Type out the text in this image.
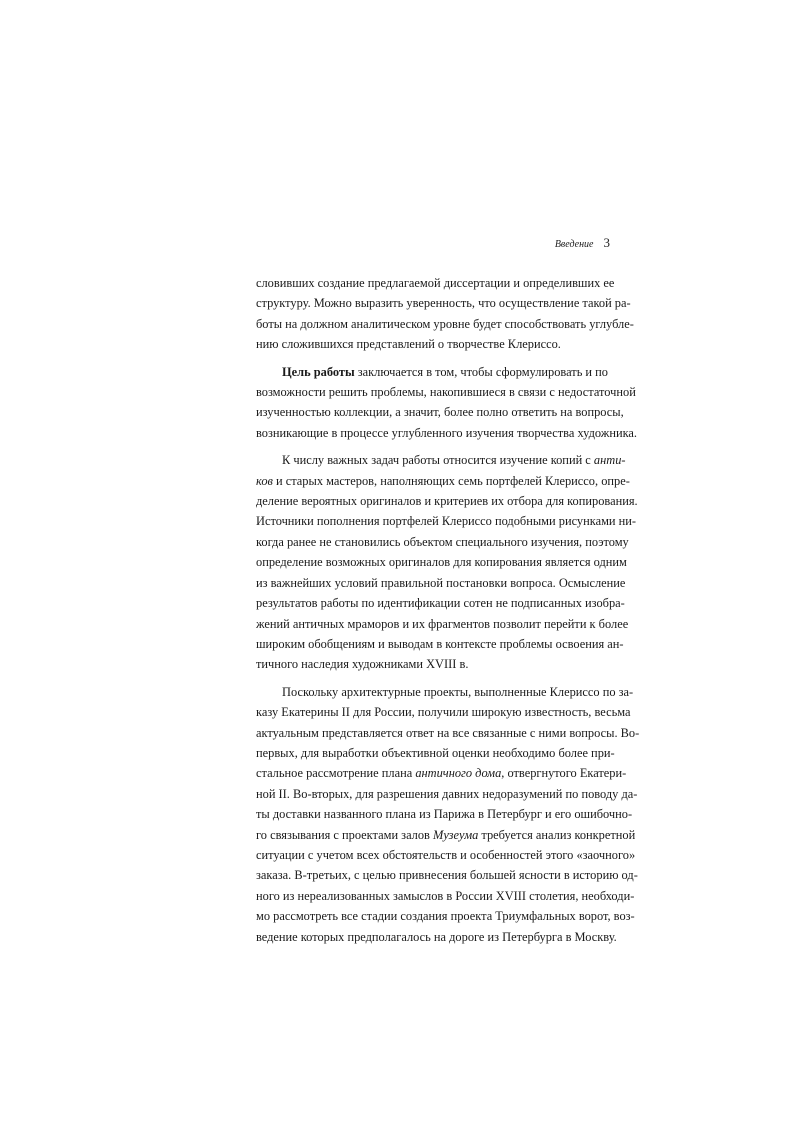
Введение 3

словивших создание предлагаемой диссертации и определивших ее
структуру. Можно выразить уверенность, что осуществление такой ра-
боты на должном аналитическом уровне будет способствовать углубле-
нию сложившихся представлений о творчестве Клериссо.

Цель работы заключается в том, чтобы сформулировать и по
возможности решить проблемы, накопившиеся в связи с недостаточной
изученностью коллекции, а значит, более полно ответить на вопросы,
возникающие в процессе углубленного изучения творчества художника.

К числу важных задач работы относится изучение копий с анти-
ков и старых мастеров, наполняющих семь портфелей Клериссо, опре-
деление вероятных оригиналов и критериев их отбора для копирования.
Источники пополнения портфелей Клериссо подобными рисунками ни-
когда ранее не становились объектом специального изучения, поэтому
определение возможных оригиналов для копирования является одним
из важнейших условий правильной постановки вопроса. Осмысление
результатов работы по идентификации сотен не подписанных изобра-
жений античных мраморов и их фрагментов позволит перейти к более
широким обобщениям и выводам в контексте проблемы освоения ан-
тичного наследия художниками XVIII в.

Поскольку архитектурные проекты, выполненные Клериссо по за-
казу Екатерины II для России, получили широкую известность, весьма
актуальным представляется ответ на все связанные с ними вопросы. Во-
первых, для выработки объективной оценки необходимо более при-
стальное рассмотрение плана античного дома, отвергнутого Екатери-
ной II. Во-вторых, для разрешения давних недоразумений по поводу да-
ты доставки названного плана из Парижа в Петербург и его ошибочно-
го связывания с проектами залов Музеума требуется анализ конкретной
ситуации с учетом всех обстоятельств и особенностей этого «заочного»
заказа. В-третьих, с целью привнесения большей ясности в историю од-
ного из нереализованных замыслов в России XVIII столетия, необходи-
мо рассмотреть все стадии создания проекта Триумфальных ворот, воз-
ведение которых предполагалось на дороге из Петербурга в Москву.
